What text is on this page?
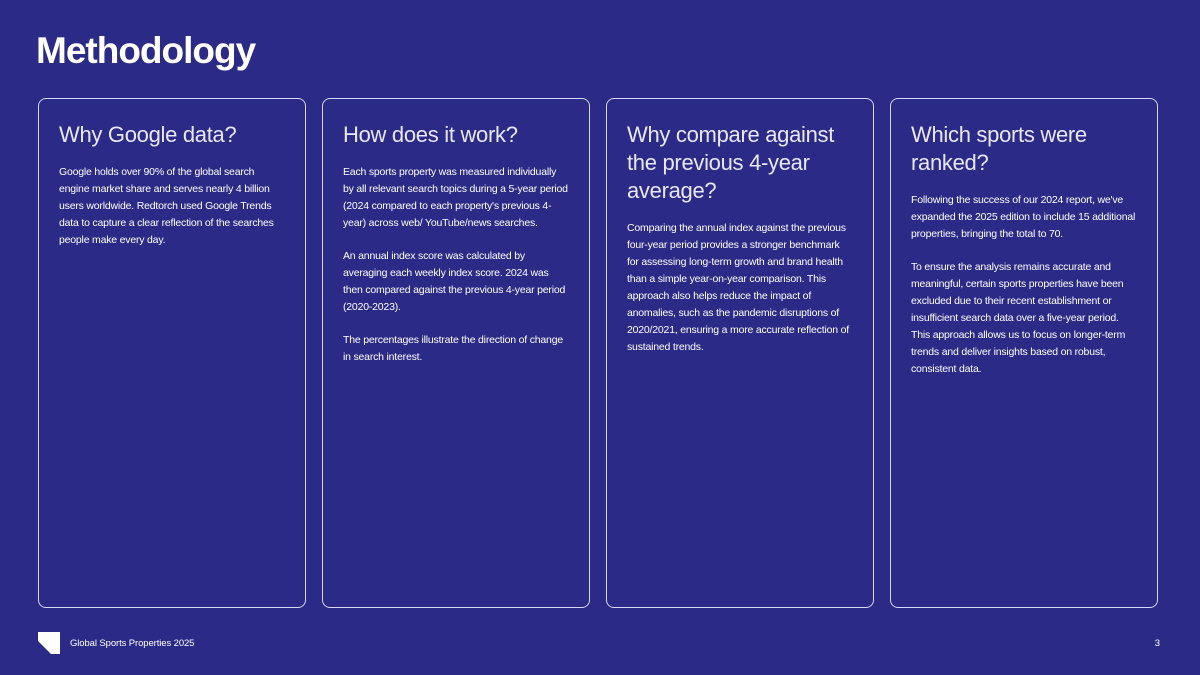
Methodology
Why Google data?

Google holds over 90% of the global search engine market share and serves nearly 4 billion users worldwide. Redtorch used Google Trends data to capture a clear reflection of the searches people make every day.

How does it work?

Each sports property was measured individually by all relevant search topics during a 5-year period (2024 compared to each property's previous 4-year) across web/ YouTube/news searches.

An annual index score was calculated by averaging each weekly index score. 2024 was then compared against the previous 4-year period (2020-2023).

The percentages illustrate the direction of change in search interest.

Why compare against the previous 4-year average?

Comparing the annual index against the previous four-year period provides a stronger benchmark for assessing long-term growth and brand health than a simple year-on-year comparison. This approach also helps reduce the impact of anomalies, such as the pandemic disruptions of 2020/2021, ensuring a more accurate reflection of sustained trends.

Which sports were ranked?

Following the success of our 2024 report, we've expanded the 2025 edition to include 15 additional properties, bringing the total to 70.

To ensure the analysis remains accurate and meaningful, certain sports properties have been excluded due to their recent establishment or insufficient search data over a five-year period. This approach allows us to focus on longer-term trends and deliver insights based on robust, consistent data.

Global Sports Properties 2025	3
